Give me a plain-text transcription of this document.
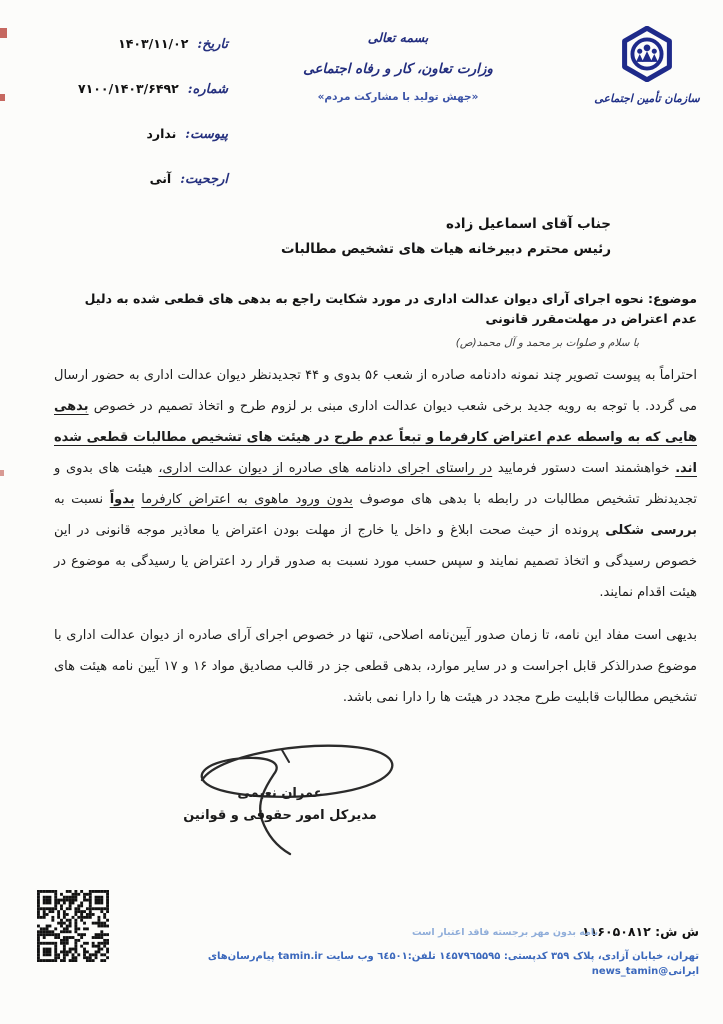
سازمان تأمین اجتماعی
بسمه تعالی
وزارت تعاون، کار و رفاه اجتماعی
«جهش تولید با مشارکت مردم»
تاریخ:
۱۴۰۳/۱۱/۰۲
شماره:
۷۱۰۰/۱۴۰۳/۶۴۹۲
پیوست:
ندارد
ارجحیت:
آنی
جناب آقای اسماعیل زاده
رئیس محترم دبیرخانه هیات های تشخیص مطالبات
موضوع: نحوه اجرای آرای دیوان عدالت اداری در مورد شکایت راجع به بدهی های قطعی شده به دلیل عدم اعتراض در مهلت‌مقرر قانونی
با سلام و صلوات بر محمد و آل محمد(ص)

احتراماً به پیوست تصویر چند نمونه دادنامه صادره از شعب ۵۶ بدوی و ۴۴ تجدیدنظر دیوان عدالت اداری به حضور ارسال می گردد. با توجه به رویه جدید برخی شعب دیوان عدالت اداری مبنی بر لزوم طرح و اتخاذ تصمیم در خصوص بدهی هایی که به واسطه عدم اعتراض کارفرما و تبعاً عدم طرح در هیئت های تشخیص مطالبات قطعی شده اند. خواهشمند است دستور فرمایید در راستای اجرای دادنامه های صادره از دیوان عدالت اداری، هیئت های بدوی و تجدیدنظر تشخیص مطالبات در رابطه با بدهی های موصوف بدون ورود ماهوی به اعتراض کارفرما بدواً نسبت به بررسی شکلی پرونده از حیث صحت ابلاغ و داخل یا خارج از مهلت بودن اعتراض یا معاذیر موجه قانونی در این خصوص رسیدگی و اتخاذ تصمیم نمایند و سپس حسب مورد نسبت به صدور قرار رد اعتراض یا رسیدگی به موضوع در هیئت اقدام نمایند.

بدیهی است مفاد این نامه، تا زمان صدور آیین‌نامه اصلاحی، تنها در خصوص اجرای آرای صادره از دیوان عدالت اداری با موضوع صدرالذکر قابل اجراست و در سایر موارد، بدهی قطعی جز در قالب مصادیق مواد ۱۶ و ۱۷ آیین نامه هیئت های تشخیص مطالبات قابلیت طرح مجدد در هیئت ها را دارا نمی باشد.

عمران نعیمی
مدیرکل امور حقوقی و قوانین
ش ش: ۱۱۶۰۵۰۸۱۲
نامه بدون مهر برجسته فاقد اعتبار است
تهران، خیابان آزادی، پلاک ۳۵۹ کدپستی: ۱٤۵۷۹٦۵۵۹۵ تلفن:٦٤۵۰۱ وب سایت tamin.ir پیام‌رسان‌های ایرانی@news_tamin
